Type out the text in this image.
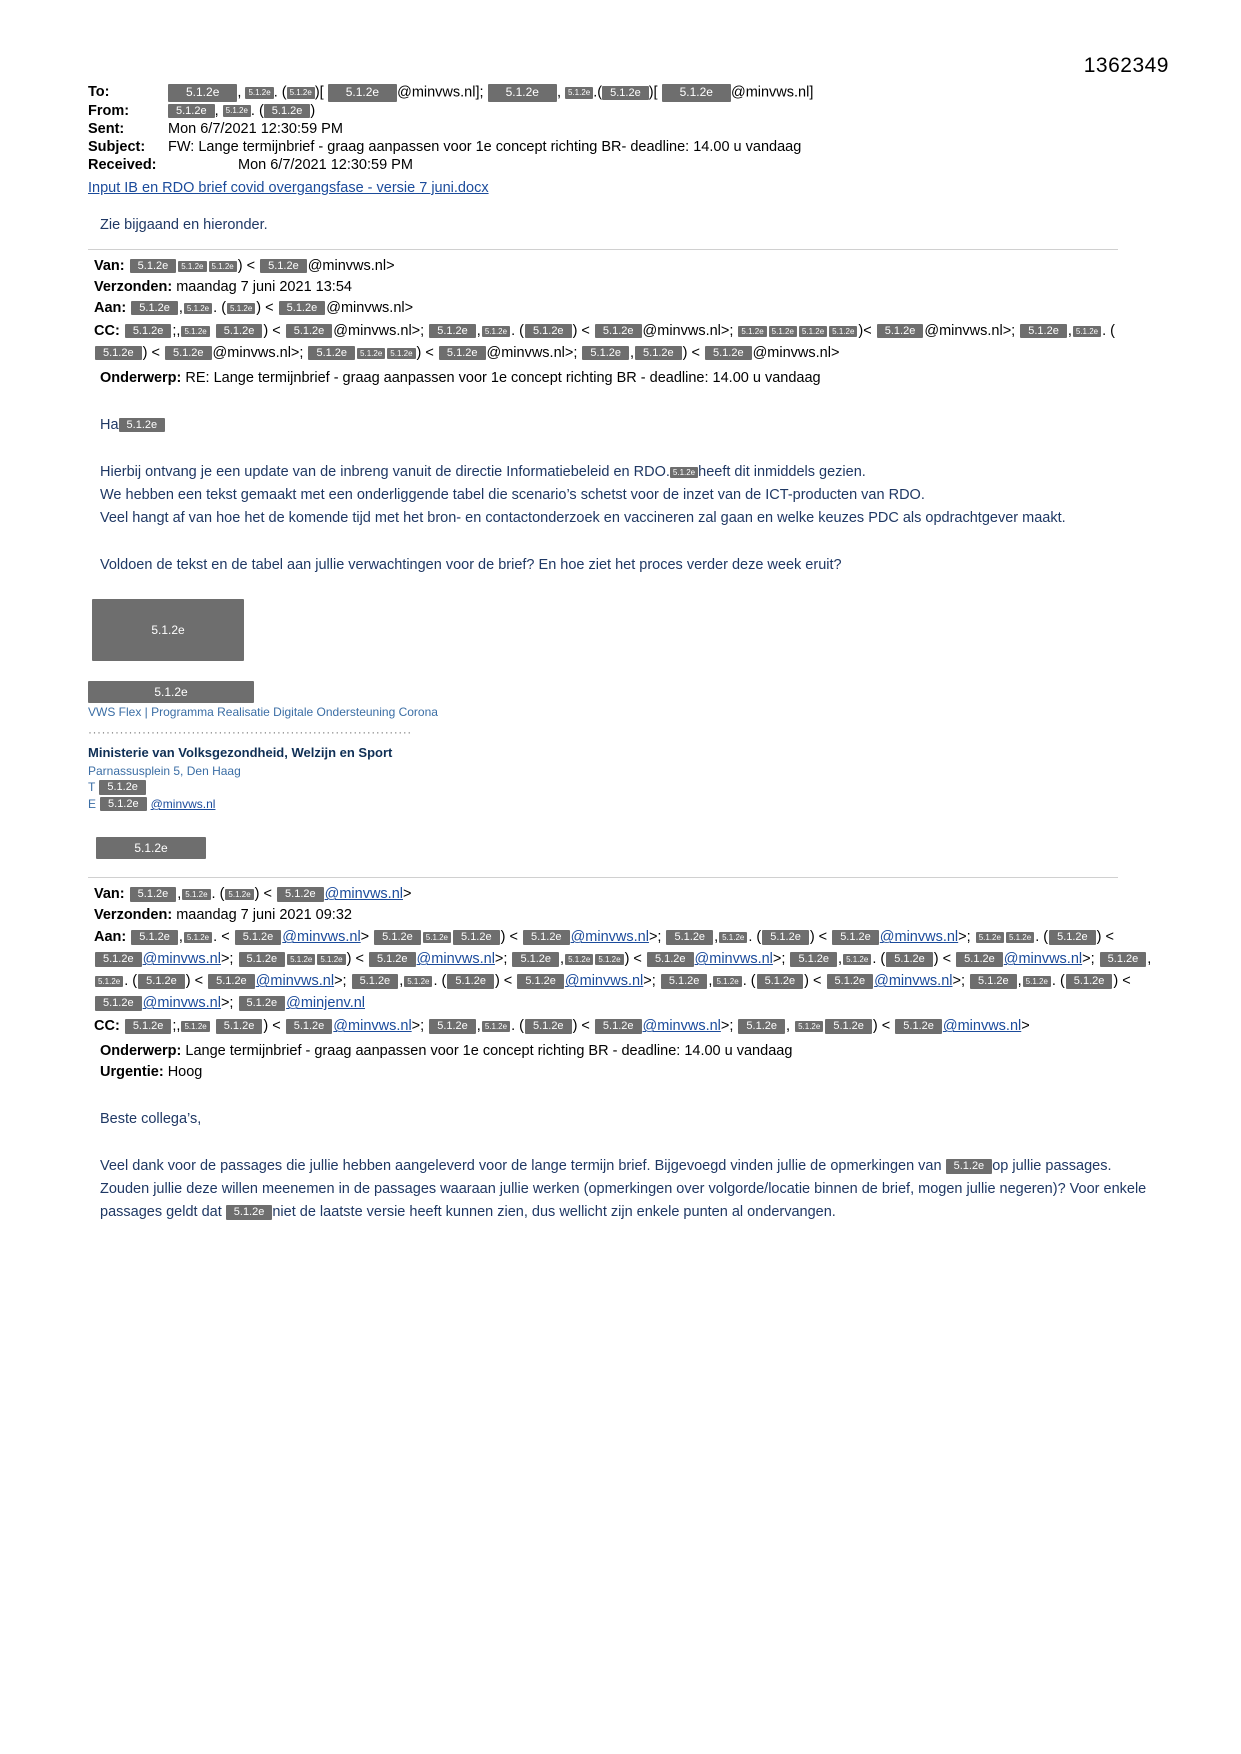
1362349
To:	5.1.2e , 5.1.2e . ( 5.1.2e )[ 5.1.2e @minvws.nl]; 5.1.2e , 5.1.2e .( 5.1.2e )[ 5.1.2e @minvws.nl]
From:	5.1.2e , 5.1.2e . ( 5.1.2e )
Sent:	Mon 6/7/2021 12:30:59 PM
Subject:	FW: Lange termijnbrief - graag aanpassen voor 1e concept richting BR- deadline: 14.00 u vandaag
Received:	Mon 6/7/2021 12:30:59 PM
Input IB en RDO brief covid overgangsfase - versie 7 juni.docx
Zie bijgaand en hieronder.
Van: 5.1.2e 5.1.2e 5.1.2e ) < 5.1.2e @minvws.nl>
Verzonden: maandag 7 juni 2021 13:54
Aan: 5.1.2e , 5.1.2e . ( 5.1.2e ) < 5.1.2e @minvws.nl>
CC: 5.1.2e ;, 5.1.2e 5.1.2e ) < 5.1.2e @minvws.nl>; 5.1.2e , 5.1.2e . ( 5.1.2e ) < 5.1.2e @minvws.nl>; 5.1.2e 5.1.2e 5.1.2e 5.1.2e )< 5.1.2e @minvws.nl>; 5.1.2e , 5.1.2e . (5.1.2e ) < 5.1.2e @minvws.nl>; 5.1.2e 5.1.2e 5.1.2e ) < 5.1.2e @minvws.nl>; 5.1.2e , 5.1.2e ) < 5.1.2e @minvws.nl>
Onderwerp: RE: Lange termijnbrief - graag aanpassen voor 1e concept richting BR - deadline: 14.00 u vandaag
Ha 5.1.2e
Hierbij ontvang je een update van de inbreng vanuit de directie Informatiebeleid en RDO. 5.1.2e heeft dit inmiddels gezien.
We hebben een tekst gemaakt met een onderliggende tabel die scenario’s schetst voor de inzet van de ICT-producten van RDO.
Veel hangt af van hoe het de komende tijd met het bron- en contactonderzoek en vaccineren zal gaan en welke keuzes PDC als opdrachtgever maakt.
Voldoen de tekst en de tabel aan jullie verwachtingen voor de brief? En hoe ziet het proces verder deze week eruit?
5.1.2e
5.1.2e
VWS Flex | Programma Realisatie Digitale Ondersteuning Corona
········································································
Ministerie van Volksgezondheid, Welzijn en Sport
Parnassusplein 5, Den Haag
T	5.1.2e
E	5.1.2e	@minvws.nl
5.1.2e
Van: 5.1.2e , 5.1.2e . ( 5.1.2e ) < 5.1.2e @minvws.nl>
Verzonden: maandag 7 juni 2021 09:32
Aan: 5.1.2e , 5.1.2e . < 5.1.2e @minvws.nl> 5.1.2e 5.1.2e 5.1.2e ) < 5.1.2e @minvws.nl>; 5.1.2e , 5.1.2e . ( 5.1.2e ) < 5.1.2e @minvws.nl>; 5.1.2e 5.1.2e . ( 5.1.2e ) < 5.1.2e @minvws.nl>; 5.1.2e 5.1.2e 5.1.2e ) < 5.1.2e @minvws.nl>; 5.1.2e , 5.1.2e 5.1.2e ) < 5.1.2e @minvws.nl>; 5.1.2e , 5.1.2e . ( 5.1.2e ) < 5.1.2e @minvws.nl>; 5.1.2e ,5.1.2e . ( 5.1.2e ) < 5.1.2e @minvws.nl>; 5.1.2e , 5.1.2e . ( 5.1.2e ) < 5.1.2e @minvws.nl>; 5.1.2e , 5.1.2e . ( 5.1.2e ) < 5.1.2e @minvws.nl>; 5.1.2e , 5.1.2e . ( 5.1.2e ) < 5.1.2e @minvws.nl>; 5.1.2e @minjenv.nl
CC: 5.1.2e ;, 5.1.2e 5.1.2e ) < 5.1.2e @minvws.nl>; 5.1.2e , 5.1.2e . ( 5.1.2e ) < 5.1.2e @minvws.nl>; 5.1.2e , 5.1.2e 5.1.2e ) < 5.1.2e @minvws.nl>
Onderwerp: Lange termijnbrief - graag aanpassen voor 1e concept richting BR - deadline: 14.00 u vandaag
Urgentie: Hoog
Beste collega’s,
Veel dank voor de passages die jullie hebben aangeleverd voor de lange termijn brief. Bijgevoegd vinden jullie de opmerkingen van 5.1.2e op jullie passages. Zouden jullie deze willen meenemen in de passages waaraan jullie werken (opmerkingen over volgorde/locatie binnen de brief, mogen jullie negeren)? Voor enkele passages geldt dat 5.1.2e niet de laatste versie heeft kunnen zien, dus wellicht zijn enkele punten al ondervangen.
